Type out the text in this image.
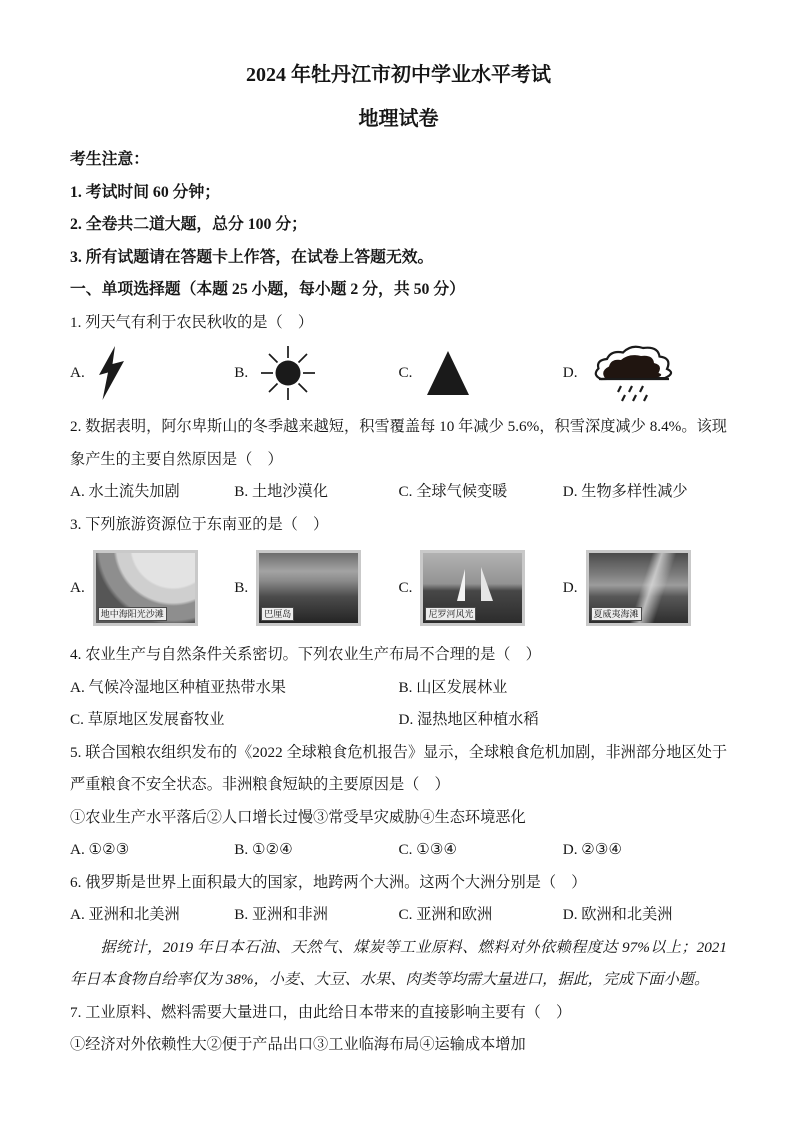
2024 年牡丹江市初中学业水平考试
地理试卷
考生注意：
1. 考试时间 60 分钟；
2. 全卷共二道大题，总分 100 分；
3. 所有试题请在答题卡上作答，在试卷上答题无效。
一、单项选择题（本题 25 小题，每小题 2 分，共 50 分）
1. 列天气有利于农民秋收的是（　）
A.	B.	C.	D.
2. 数据表明，阿尔卑斯山的冬季越来越短，积雪覆盖每 10 年减少 5.6%，积雪深度减少 8.4%。该现象产生的主要自然原因是（　）
A. 水土流失加剧	B. 土地沙漠化	C. 全球气候变暖	D. 生物多样性减少
3. 下列旅游资源位于东南亚的是（　）
A.
地中海阳光沙滩
B.
巴厘岛
C.
尼罗河风光
D.
夏威夷海滩
4. 农业生产与自然条件关系密切。下列农业生产布局不合理的是（　）
A. 气候冷湿地区种植亚热带水果	B. 山区发展林业
C. 草原地区发展畜牧业	D. 湿热地区种植水稻
5. 联合国粮农组织发布的《2022 全球粮食危机报告》显示，全球粮食危机加剧，非洲部分地区处于严重粮食不安全状态。非洲粮食短缺的主要原因是（　）
①农业生产水平落后②人口增长过慢③常受旱灾威胁④生态环境恶化
A. ①②③	B. ①②④	C. ①③④	D. ②③④
6. 俄罗斯是世界上面积最大的国家，地跨两个大洲。这两个大洲分别是（　）
A. 亚洲和北美洲	B. 亚洲和非洲	C. 亚洲和欧洲	D. 欧洲和北美洲
据统计，2019 年日本石油、天然气、煤炭等工业原料、燃料对外依赖程度达 97%以上；2021 年日本食物自给率仅为 38%，小麦、大豆、水果、肉类等均需大量进口，据此，完成下面小题。
7. 工业原料、燃料需要大量进口，由此给日本带来的直接影响主要有（　）
①经济对外依赖性大②便于产品出口③工业临海布局④运输成本增加
